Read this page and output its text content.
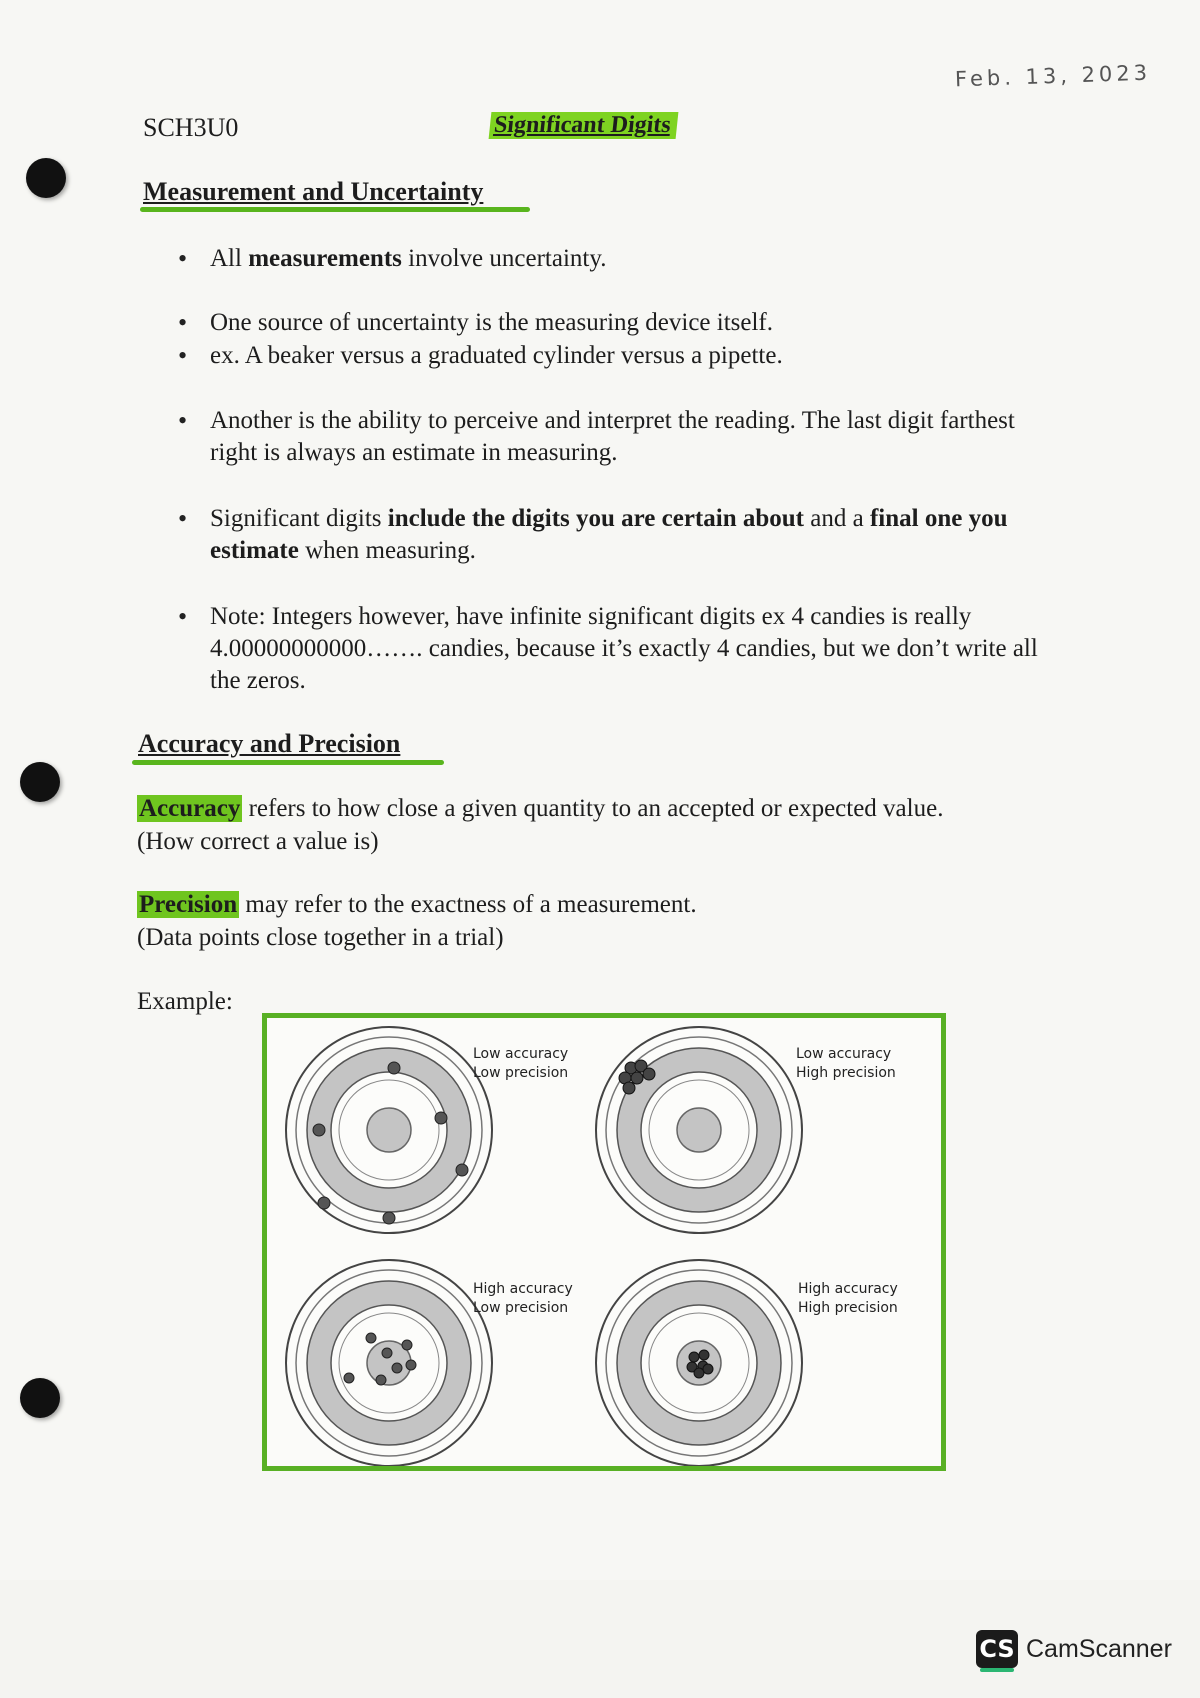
Feb. 13, 2023
SCH3U0	Significant Digits
Measurement and Uncertainty
• All measurements involve uncertainty.
• One source of uncertainty is the measuring device itself.
• ex. A beaker versus a graduated cylinder versus a pipette.
• Another is the ability to perceive and interpret the reading. The last digit farthest right is always an estimate in measuring.
• Significant digits include the digits you are certain about and a final one you estimate when measuring.
• Note: Integers however, have infinite significant digits ex 4 candies is really 4.00000000000……. candies, because it’s exactly 4 candies, but we don’t write all the zeros.
Accuracy and Precision
Accuracy refers to how close a given quantity to an accepted or expected value.
(How correct a value is)
Precision may refer to the exactness of a measurement.
(Data points close together in a trial)
Example:
Low accuracy
Low precision
Low accuracy
High precision
High accuracy
Low precision
High accuracy
High precision
CS CamScanner
